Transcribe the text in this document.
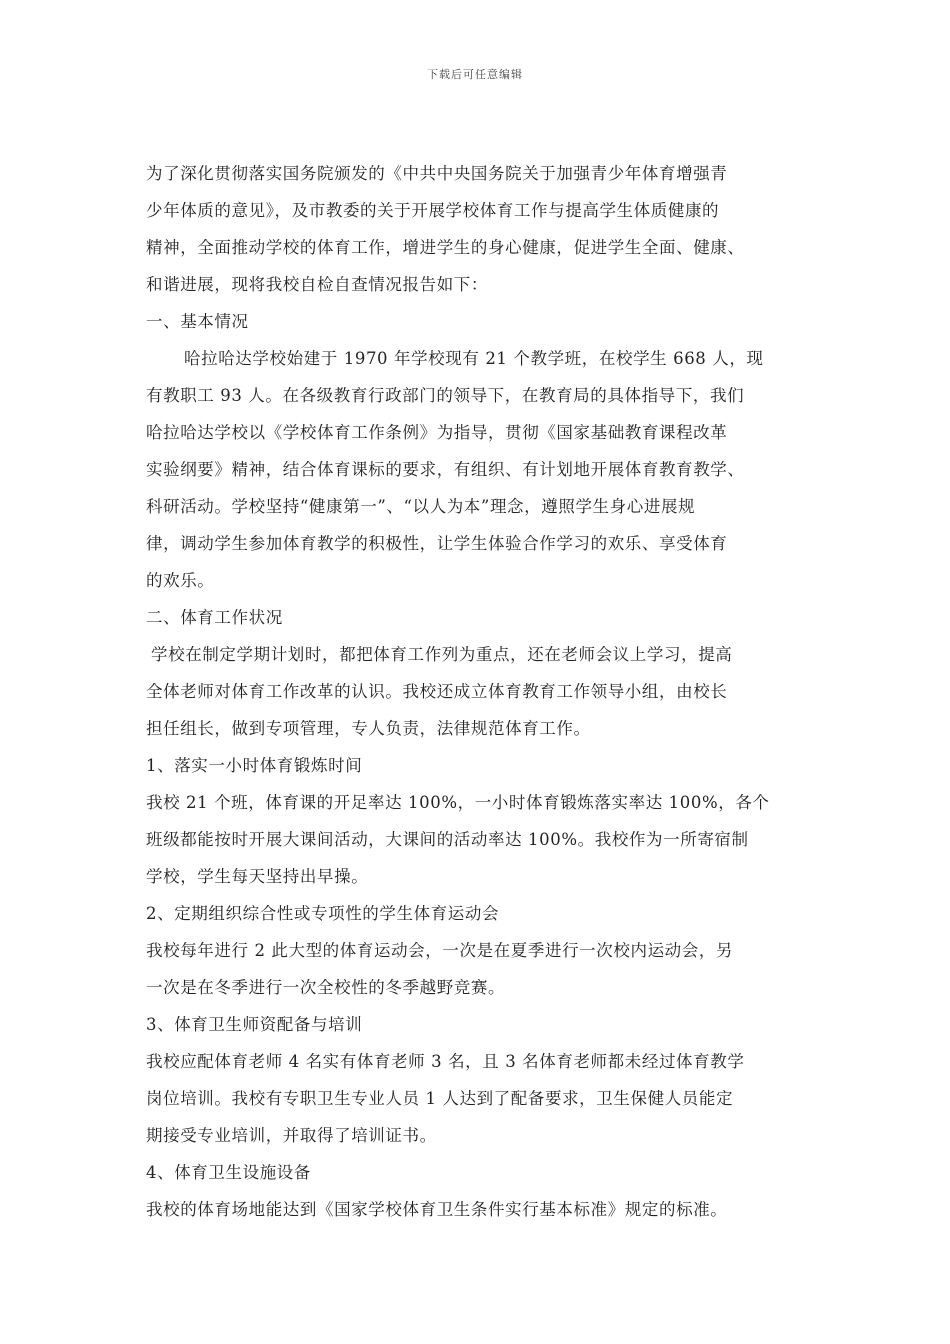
下载后可任意编辑
为了深化贯彻落实国务院颁发的《中共中央国务院关于加强青少年体育增强青
少年体质的意见》，及市教委的关于开展学校体育工作与提高学生体质健康的
精神，全面推动学校的体育工作，增进学生的身心健康，促进学生全面、健康、
和谐进展，现将我校自检自查情况报告如下：
一、基本情况
哈拉哈达学校始建于 1970 年学校现有 21 个教学班，在校学生 668 人，现
有教职工 93 人。在各级教育行政部门的领导下，在教育局的具体指导下，我们
哈拉哈达学校以《学校体育工作条例》为指导，贯彻《国家基础教育课程改革
实验纲要》精神，结合体育课标的要求，有组织、有计划地开展体育教育教学、
科研活动。学校坚持“健康第一”、“以人为本”理念，遵照学生身心进展规
律，调动学生参加体育教学的积极性，让学生体验合作学习的欢乐、享受体育
的欢乐。
二、体育工作状况
学校在制定学期计划时，都把体育工作列为重点，还在老师会议上学习，提高
全体老师对体育工作改革的认识。我校还成立体育教育工作领导小组，由校长
担任组长，做到专项管理，专人负责，法律规范体育工作。
1、落实一小时体育锻炼时间
我校 21 个班，体育课的开足率达 100%，一小时体育锻炼落实率达 100%，各个
班级都能按时开展大课间活动，大课间的活动率达 100%。我校作为一所寄宿制
学校，学生每天坚持出早操。
2、定期组织综合性或专项性的学生体育运动会
我校每年进行 2 此大型的体育运动会，一次是在夏季进行一次校内运动会，另
一次是在冬季进行一次全校性的冬季越野竞赛。
3、体育卫生师资配备与培训
我校应配体育老师 4 名实有体育老师 3 名，且 3 名体育老师都未经过体育教学
岗位培训。我校有专职卫生专业人员 1 人达到了配备要求，卫生保健人员能定
期接受专业培训，并取得了培训证书。
4、体育卫生设施设备
我校的体育场地能达到《国家学校体育卫生条件实行基本标准》规定的标准。
